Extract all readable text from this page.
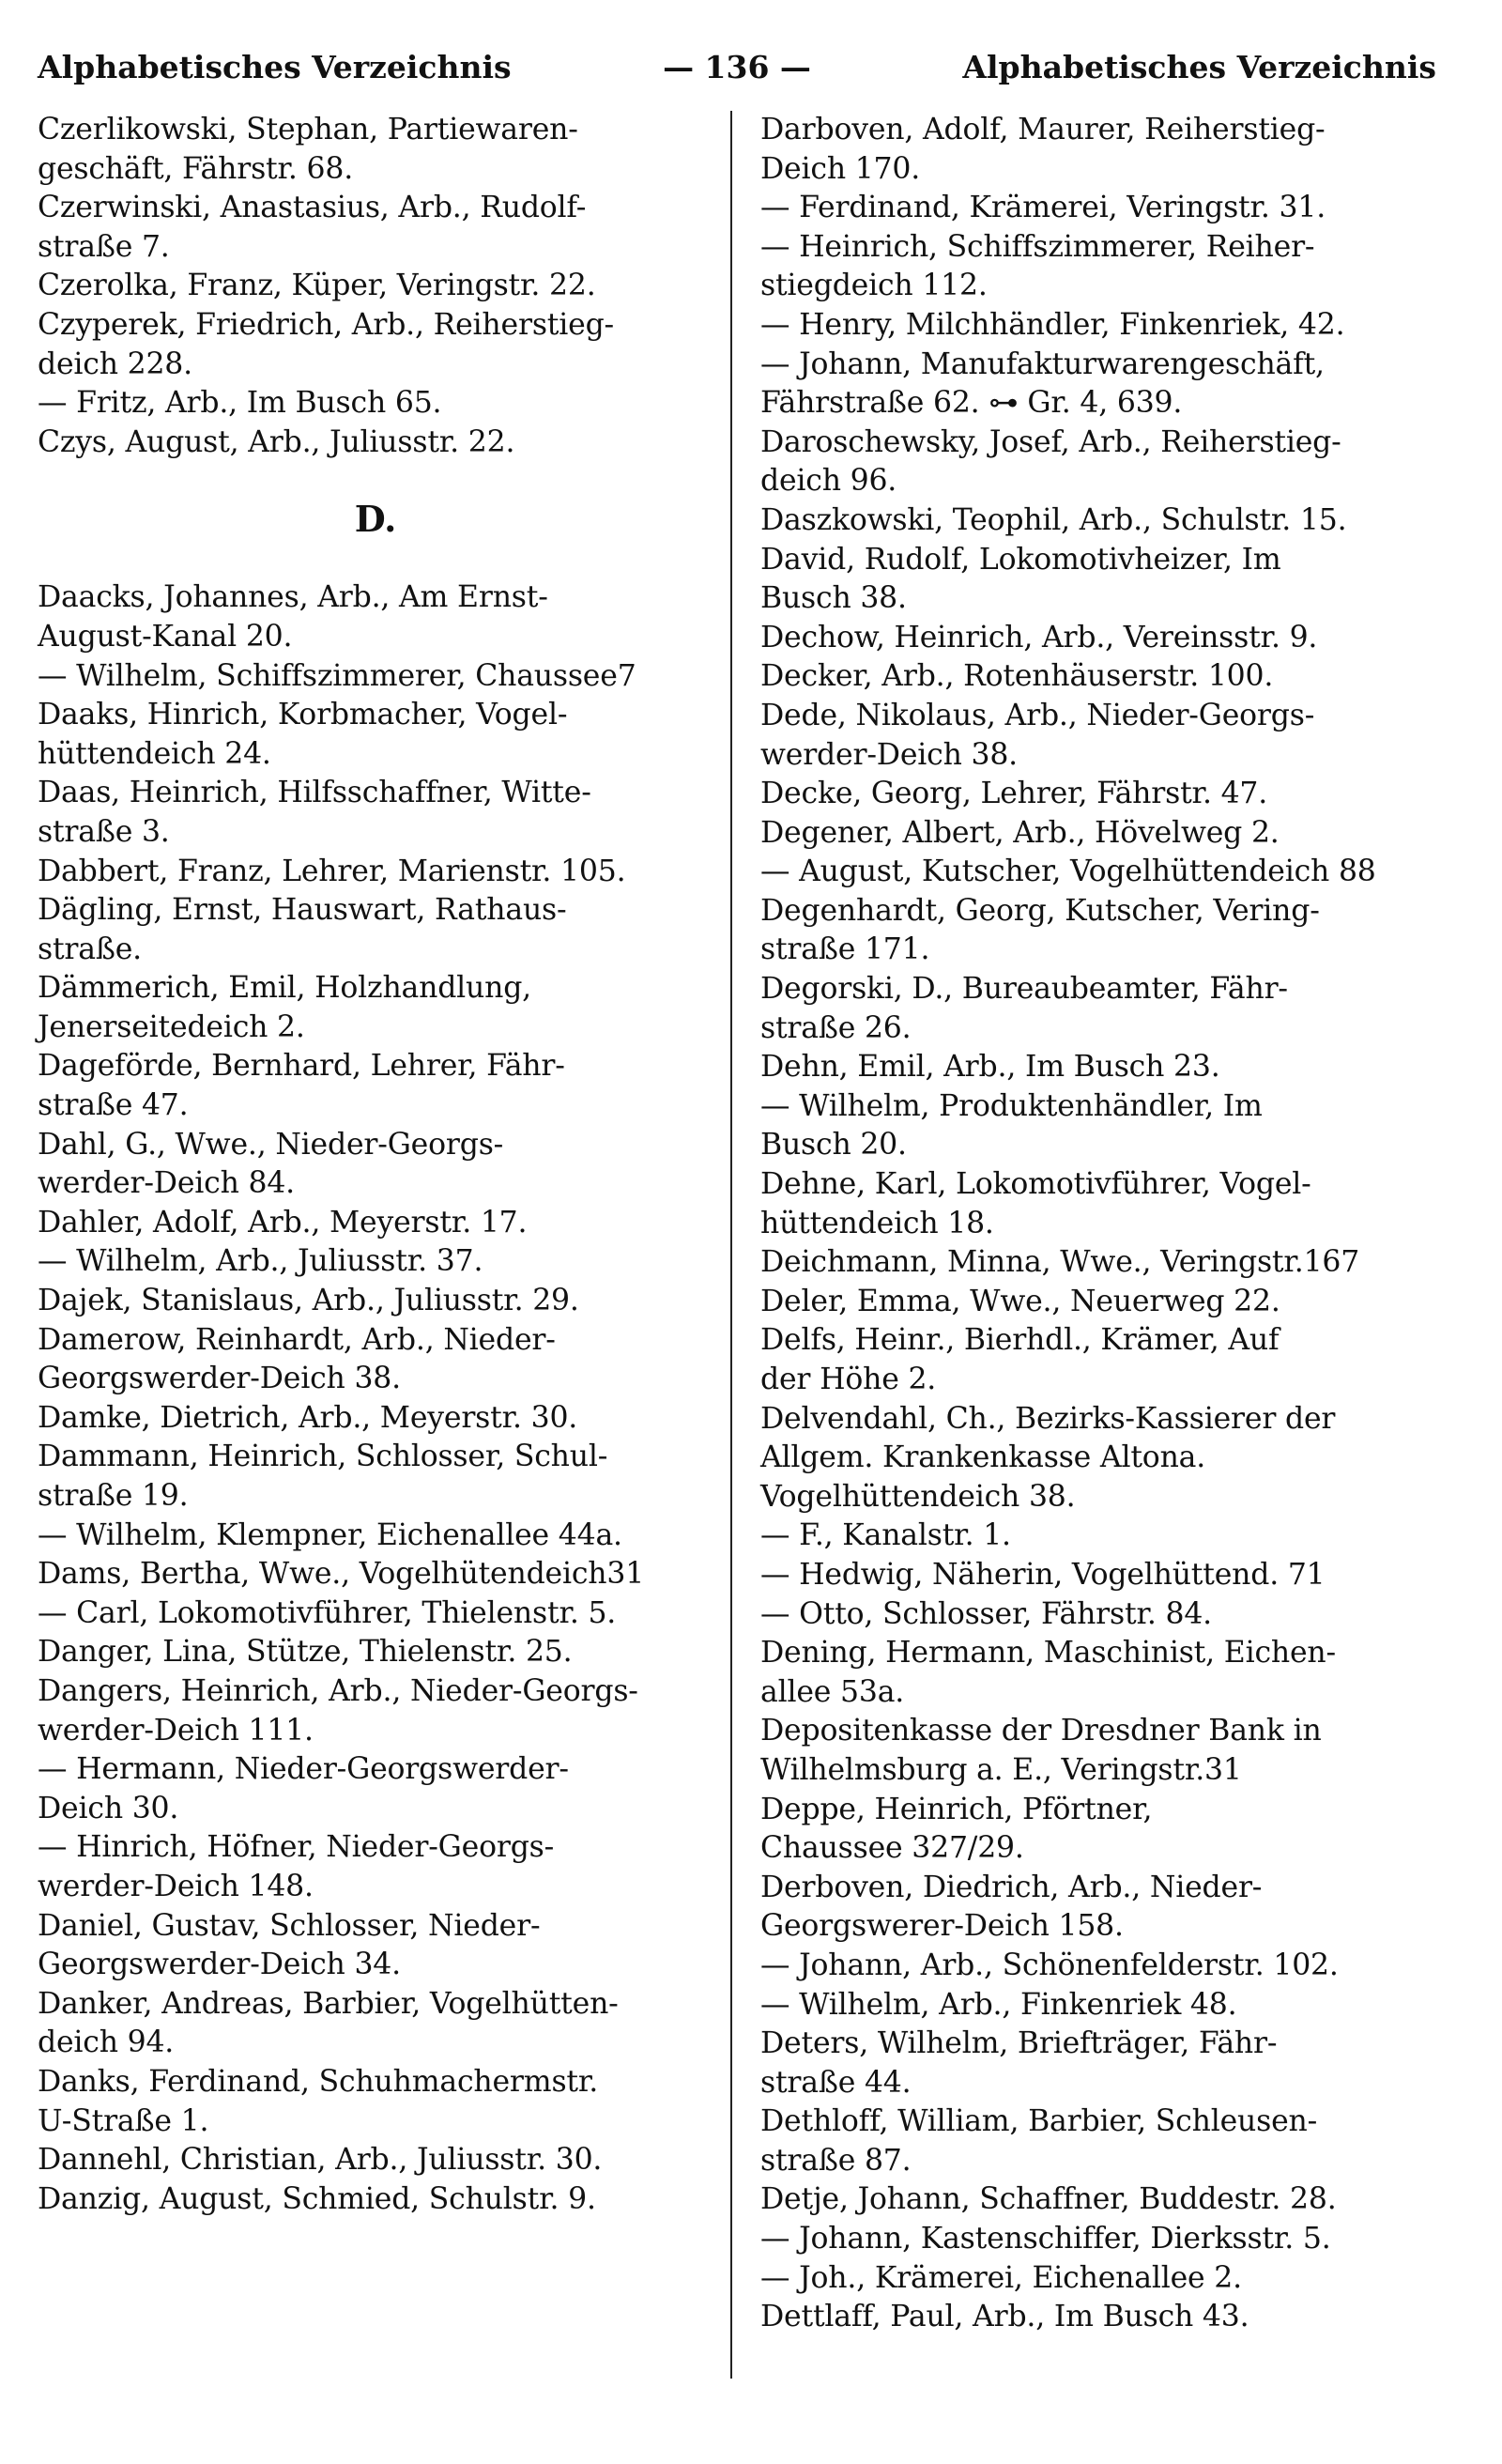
Alphabetisches Verzeichnis	— 136 —	Alphabetisches Verzeichnis
Czerlikowski, Stephan, Partiewaren-
geschäft, Fährstr. 68.
Czerwinski, Anastasius, Arb., Rudolf-
straße 7.
Czerolka, Franz, Küper, Veringstr. 22.
Czyperek, Friedrich, Arb., Reiherstieg-
deich 228.
— Fritz, Arb., Im Busch 65.
Czys, August, Arb., Juliusstr. 22.
D.
Daacks, Johannes, Arb., Am Ernst-
August-Kanal 20.
— Wilhelm, Schiffszimmerer, Chaussee7
Daaks, Hinrich, Korbmacher, Vogel-
hüttendeich 24.
Daas, Heinrich, Hilfsschaffner, Witte-
straße 3.
Dabbert, Franz, Lehrer, Marienstr. 105.
Dägling, Ernst, Hauswart, Rathaus-
straße.
Dämmerich, Emil, Holzhandlung,
Jenerseitedeich 2.
Dageförde, Bernhard, Lehrer, Fähr-
straße 47.
Dahl, G., Wwe., Nieder-Georgs-
werder-Deich 84.
Dahler, Adolf, Arb., Meyerstr. 17.
— Wilhelm, Arb., Juliusstr. 37.
Dajek, Stanislaus, Arb., Juliusstr. 29.
Damerow, Reinhardt, Arb., Nieder-
Georgswerder-Deich 38.
Damke, Dietrich, Arb., Meyerstr. 30.
Dammann, Heinrich, Schlosser, Schul-
straße 19.
— Wilhelm, Klempner, Eichenallee 44a.
Dams, Bertha, Wwe., Vogelhütendeich31
— Carl, Lokomotivführer, Thielenstr. 5.
Danger, Lina, Stütze, Thielenstr. 25.
Dangers, Heinrich, Arb., Nieder-Georgs-
werder-Deich 111.
— Hermann, Nieder-Georgswerder-
Deich 30.
— Hinrich, Höfner, Nieder-Georgs-
werder-Deich 148.
Daniel, Gustav, Schlosser, Nieder-
Georgswerder-Deich 34.
Danker, Andreas, Barbier, Vogelhütten-
deich 94.
Danks, Ferdinand, Schuhmachermstr.
U-Straße 1.
Dannehl, Christian, Arb., Juliusstr. 30.
Danzig, August, Schmied, Schulstr. 9.
Darboven, Adolf, Maurer, Reiherstieg-
Deich 170.
— Ferdinand, Krämerei, Veringstr. 31.
— Heinrich, Schiffszimmerer, Reiher-
stiegdeich 112.
— Henry, Milchhändler, Finkenriek, 42.
— Johann, Manufakturwarengeschäft,
Fährstraße 62. ⊶ Gr. 4, 639.
Daroschewsky, Josef, Arb., Reiherstieg-
deich 96.
Daszkowski, Teophil, Arb., Schulstr. 15.
David, Rudolf, Lokomotivheizer, Im
Busch 38.
Dechow, Heinrich, Arb., Vereinsstr. 9.
Decker, Arb., Rotenhäuserstr. 100.
Dede, Nikolaus, Arb., Nieder-Georgs-
werder-Deich 38.
Decke, Georg, Lehrer, Fährstr. 47.
Degener, Albert, Arb., Hövelweg 2.
— August, Kutscher, Vogelhüttendeich 88
Degenhardt, Georg, Kutscher, Vering-
straße 171.
Degorski, D., Bureaubeamter, Fähr-
straße 26.
Dehn, Emil, Arb., Im Busch 23.
— Wilhelm, Produktenhändler, Im
Busch 20.
Dehne, Karl, Lokomotivführer, Vogel-
hüttendeich 18.
Deichmann, Minna, Wwe., Veringstr.167
Deler, Emma, Wwe., Neuerweg 22.
Delfs, Heinr., Bierhdl., Krämer, Auf
der Höhe 2.
Delvendahl, Ch., Bezirks-Kassierer der
Allgem. Krankenkasse Altona.
Vogelhüttendeich 38.
— F., Kanalstr. 1.
— Hedwig, Näherin, Vogelhüttend. 71
— Otto, Schlosser, Fährstr. 84.
Dening, Hermann, Maschinist, Eichen-
allee 53a.
Depositenkasse der Dresdner Bank in
Wilhelmsburg a. E., Veringstr.31
Deppe, Heinrich, Pförtner,
Chaussee 327/29.
Derboven, Diedrich, Arb., Nieder-
Georgswerer-Deich 158.
— Johann, Arb., Schönenfelderstr. 102.
— Wilhelm, Arb., Finkenriek 48.
Deters, Wilhelm, Briefträger, Fähr-
straße 44.
Dethloff, William, Barbier, Schleusen-
straße 87.
Detje, Johann, Schaffner, Buddestr. 28.
— Johann, Kastenschiffer, Dierksstr. 5.
— Joh., Krämerei, Eichenallee 2.
Dettlaff, Paul, Arb., Im Busch 43.
